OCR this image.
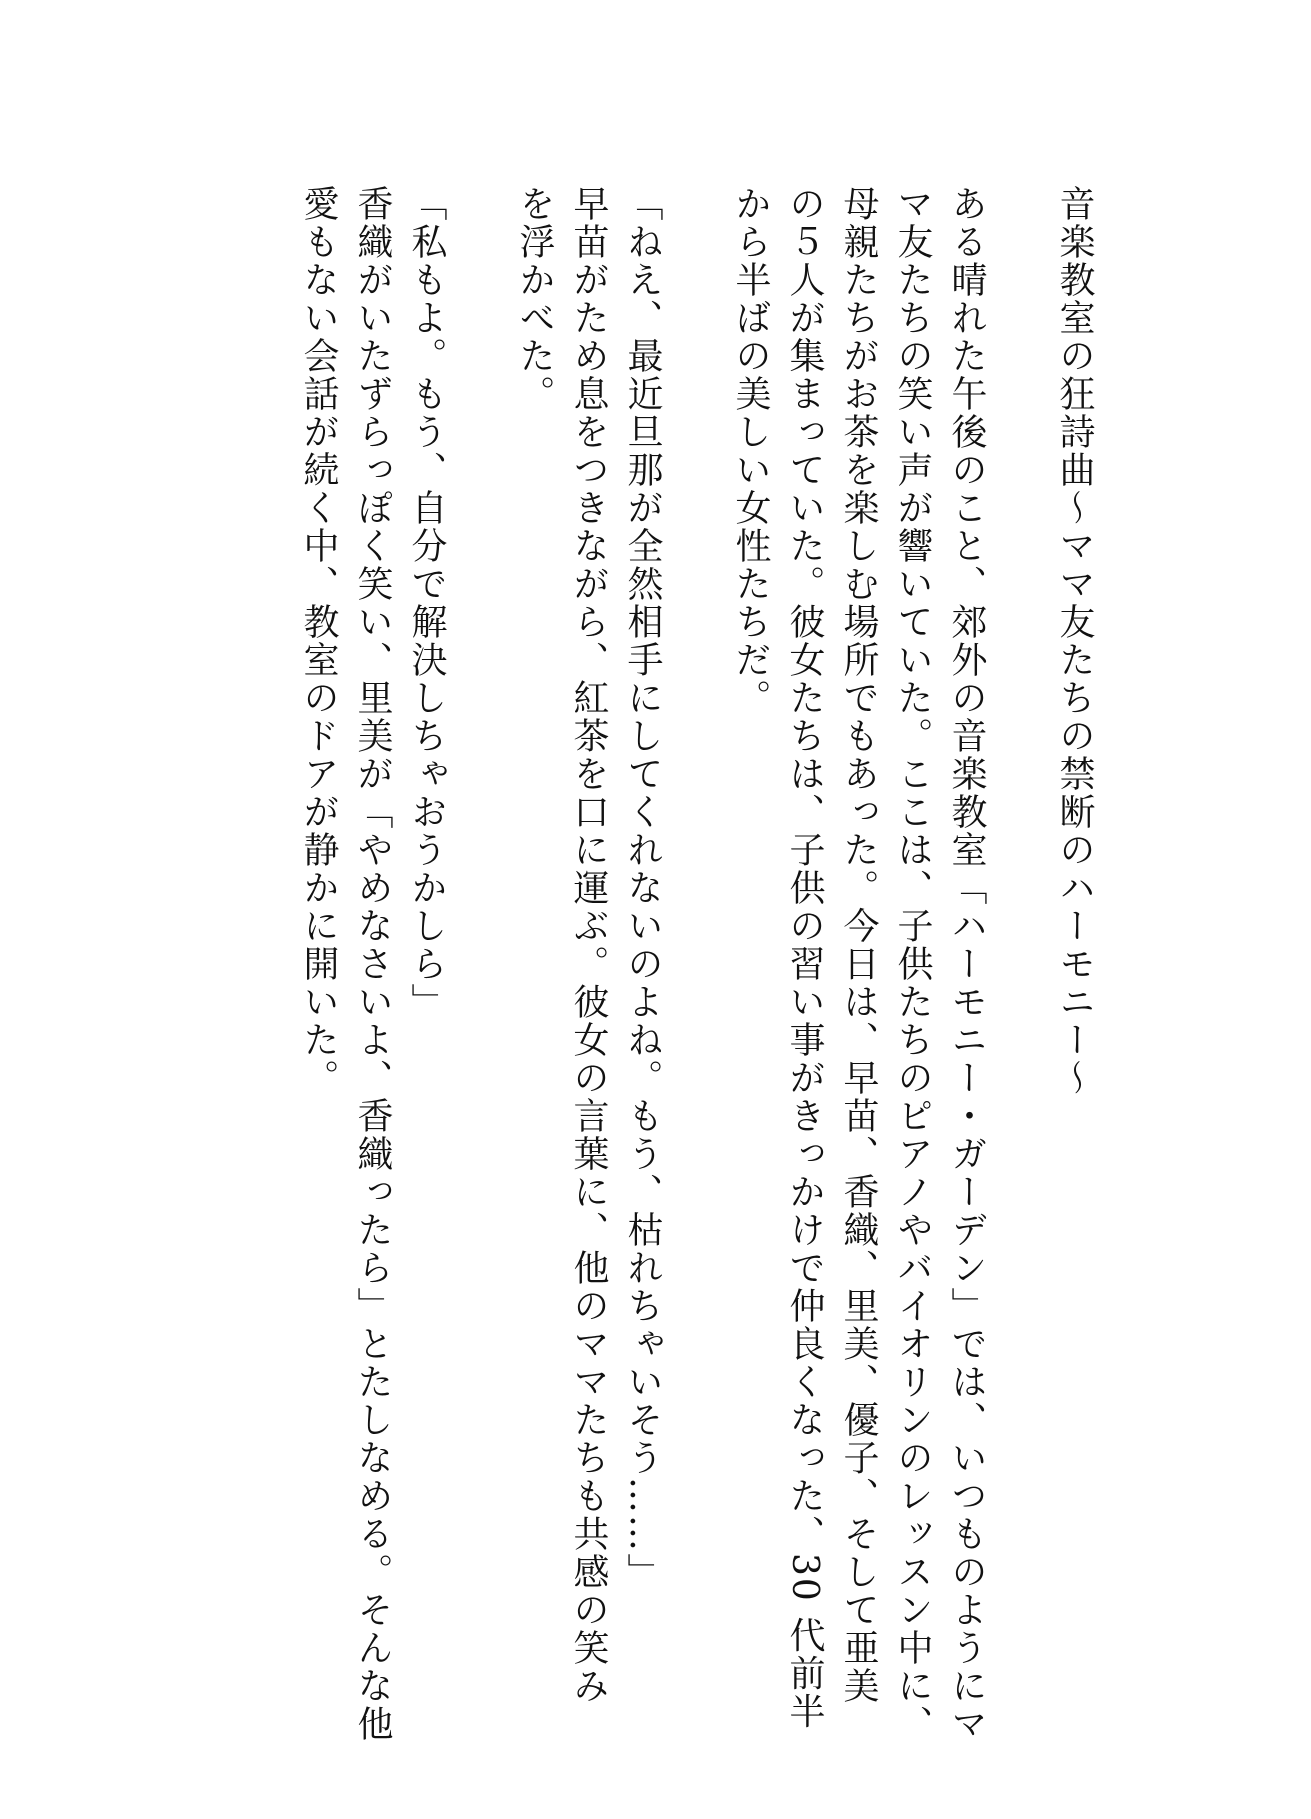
音楽教室の狂詩曲〜ママ友たちの禁断のハーモニー〜
ある晴れた午後のこと、郊外の音楽教室「ハーモニー・ガーデン」では、いつものようにマ
マ友たちの笑い声が響いていた。ここは、子供たちのピアノやバイオリンのレッスン中に、
母親たちがお茶を楽しむ場所でもあった。今日は、早苗、香織、里美、優子、そして亜美
の５人が集まっていた。彼女たちは、子供の習い事がきっかけで仲良くなった、30 代前半
から半ばの美しい女性たちだ。
「ねえ、最近旦那が全然相手にしてくれないのよね。もう、枯れちゃいそう……」
早苗がため息をつきながら、紅茶を口に運ぶ。彼女の言葉に、他のママたちも共感の笑み
を浮かべた。
「私もよ。もう、自分で解決しちゃおうかしら」
香織がいたずらっぽく笑い、里美が「やめなさいよ、香織ったら」とたしなめる。そんな他
愛もない会話が続く中、教室のドアが静かに開いた。
